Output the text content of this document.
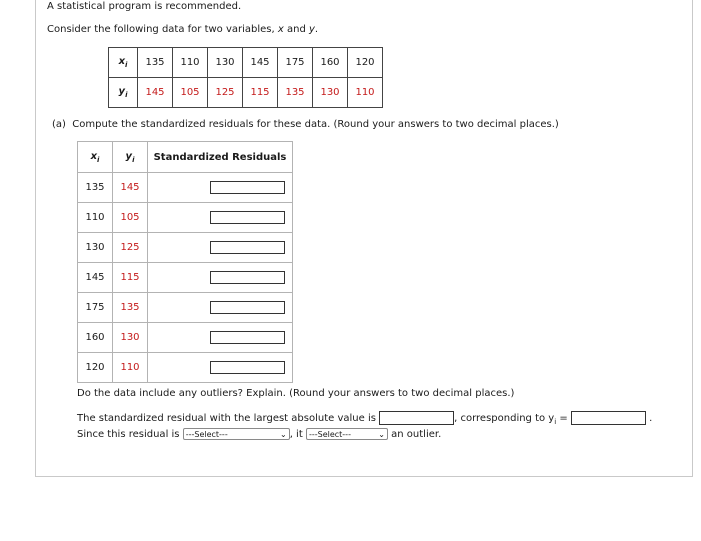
A statistical program is recommended.
Consider the following data for two variables, x and y.
$x_i$	135	110	130	145	175	160	120
$y_i$	145	105	125	115	135	130	110
(a) Compute the standardized residuals for these data. (Round your answers to two decimal places.)
$x_i$	$y_i$	Standardized Residuals
135	145	
110	105	
130	125	
145	115	
175	135	
160	130	
120	110	
Do the data include any outliers? Explain. (Round your answers to two decimal places.)
The standardized residual with the largest absolute value is	, corresponding to $y_i$ =	.
Since this residual is ---Select---	⌄ , it ---Select---	⌄ an outlier.
